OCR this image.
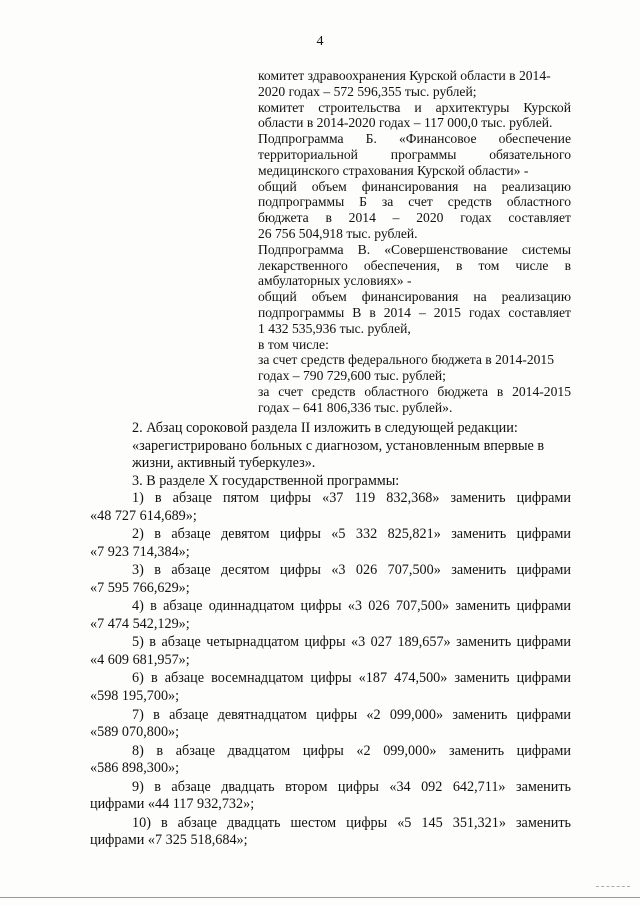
4
комитет здравоохранения Курской области в 2014-
2020 годах – 572 596,355 тыс. рублей;
комитет строительства и архитектуры Курской
области в 2014-2020 годах – 117 000,0 тыс. рублей.
Подпрограмма Б. «Финансовое обеспечение
территориальной программы обязательного
медицинского страхования Курской области» -
общий объем финансирования на реализацию
подпрограммы Б за счет средств областного
бюджета в 2014 – 2020 годах составляет
26 756 504,918 тыс. рублей.
Подпрограмма В. «Совершенствование системы
лекарственного обеспечения, в том числе в
амбулаторных условиях» -
общий объем финансирования на реализацию
подпрограммы В в 2014 – 2015 годах составляет
1 432 535,936 тыс. рублей,
в том числе:
за счет средств федерального бюджета в 2014-2015
годах – 790 729,600 тыс. рублей;
за счет средств областного бюджета в 2014-2015
годах – 641 806,336 тыс. рублей».
2. Абзац сороковой раздела II изложить в следующей редакции:
«зарегистрировано больных с диагнозом, установленным впервые в
жизни, активный туберкулез».
3. В разделе X государственной программы:
1) в абзаце пятом цифры «37 119 832,368» заменить цифрами
«48 727 614,689»;
2) в абзаце девятом цифры «5 332 825,821» заменить цифрами
«7 923 714,384»;
3) в абзаце десятом цифры «3 026 707,500» заменить цифрами
«7 595 766,629»;
4) в абзаце одиннадцатом цифры «3 026 707,500» заменить цифрами
«7 474 542,129»;
5) в абзаце четырнадцатом цифры «3 027 189,657» заменить цифрами
«4 609 681,957»;
6) в абзаце восемнадцатом цифры «187 474,500» заменить цифрами
«598 195,700»;
7) в абзаце девятнадцатом цифры «2 099,000» заменить цифрами
«589 070,800»;
8) в абзаце двадцатом цифры «2 099,000» заменить цифрами
«586 898,300»;
9) в абзаце двадцать втором цифры «34 092 642,711» заменить
цифрами «44 117 932,732»;
10) в абзаце двадцать шестом цифры «5 145 351,321» заменить
цифрами «7 325 518,684»;
